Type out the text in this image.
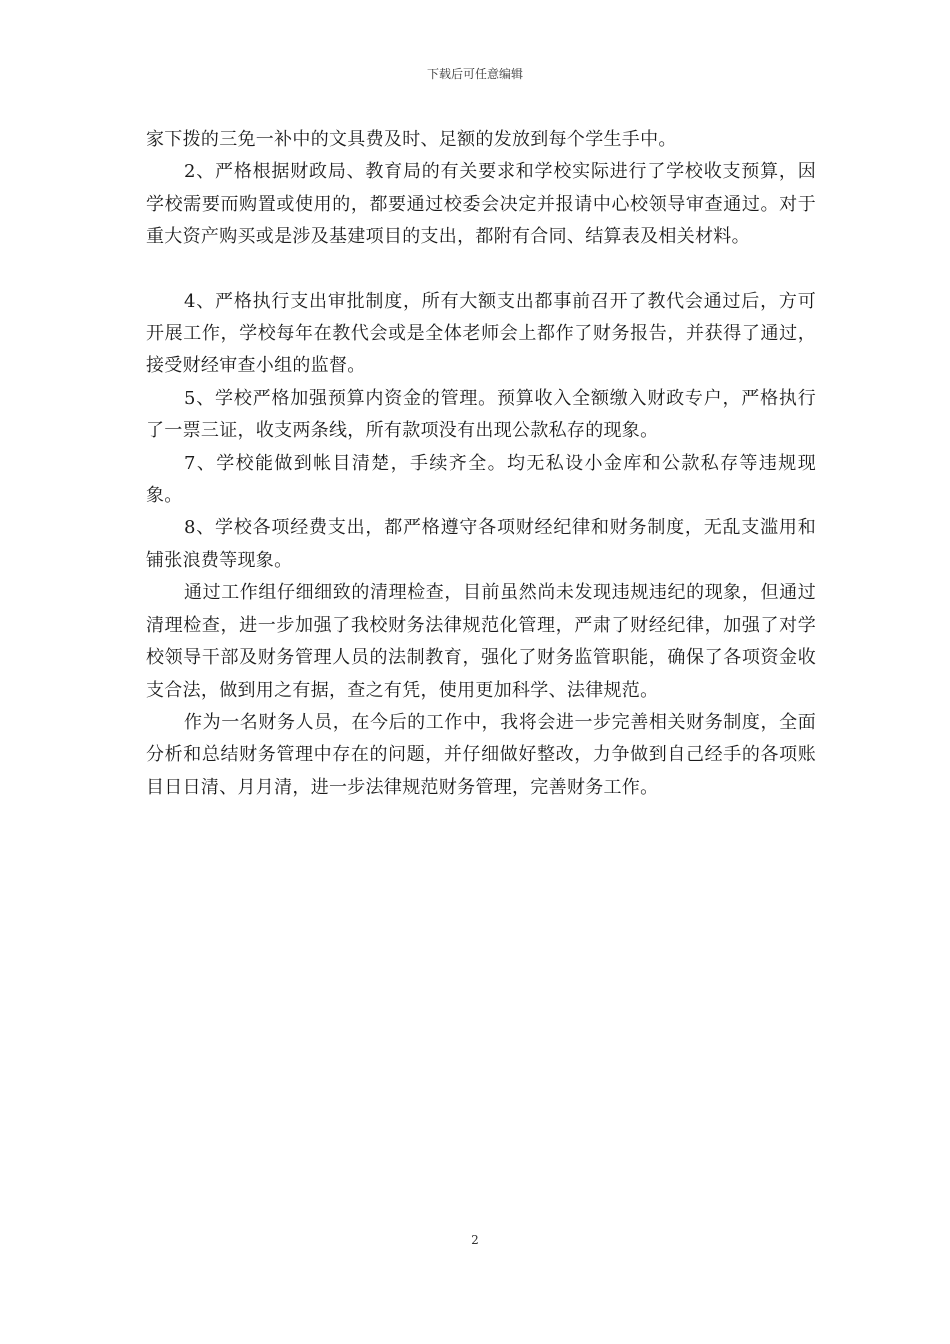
下载后可任意编辑

家下拨的三免一补中的文具费及时、足额的发放到每个学生手中。

2、严格根据财政局、教育局的有关要求和学校实际进行了学校收支预算，因学校需要而购置或使用的，都要通过校委会决定并报请中心校领导审查通过。对于重大资产购买或是涉及基建项目的支出，都附有合同、结算表及相关材料。

4、严格执行支出审批制度，所有大额支出都事前召开了教代会通过后，方可开展工作，学校每年在教代会或是全体老师会上都作了财务报告，并获得了通过，接受财经审查小组的监督。

5、学校严格加强预算内资金的管理。预算收入全额缴入财政专户，严格执行了一票三证，收支两条线，所有款项没有出现公款私存的现象。

7、学校能做到帐目清楚，手续齐全。均无私设小金库和公款私存等违规现象。

8、学校各项经费支出，都严格遵守各项财经纪律和财务制度，无乱支滥用和铺张浪费等现象。

通过工作组仔细细致的清理检查，目前虽然尚未发现违规违纪的现象，但通过清理检查，进一步加强了我校财务法律规范化管理，严肃了财经纪律，加强了对学校领导干部及财务管理人员的法制教育，强化了财务监管职能，确保了各项资金收支合法，做到用之有据，查之有凭，使用更加科学、法律规范。

作为一名财务人员，在今后的工作中，我将会进一步完善相关财务制度，全面分析和总结财务管理中存在的问题，并仔细做好整改，力争做到自己经手的各项账目日日清、月月清，进一步法律规范财务管理，完善财务工作。

2
